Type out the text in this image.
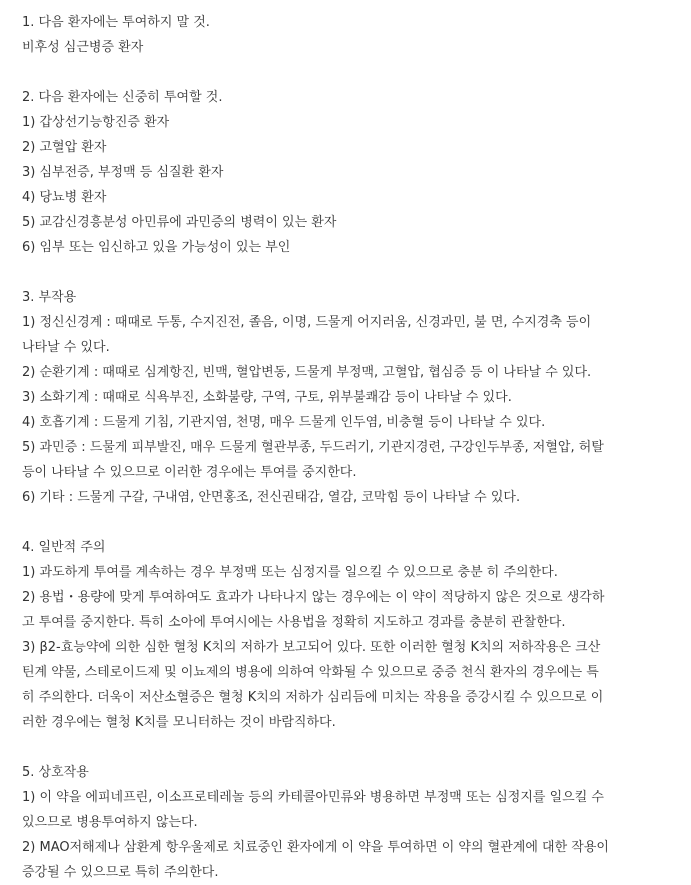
1. 다음 환자에는 투여하지 말 것.
비후성 심근병증 환자
2. 다음 환자에는 신중히 투여할 것.
1) 갑상선기능항진증 환자
2) 고혈압 환자
3) 심부전증, 부정맥 등 심질환 환자
4) 당뇨병 환자
5) 교감신경흥분성 아민류에 과민증의 병력이 있는 환자
6) 임부 또는 임신하고 있을 가능성이 있는 부인
3. 부작용
1) 정신신경계 : 때때로 두통, 수지진전, 졸음, 이명, 드물게 어지러움, 신경과민, 불 면, 수지경축 등이
나타날 수 있다.
2) 순환기계 : 때때로 심계항진, 빈맥, 혈압변동, 드물게 부정맥, 고혈압, 협심증 등 이 나타날 수 있다.
3) 소화기계 : 때때로 식욕부진, 소화불량, 구역, 구토, 위부불쾌감 등이 나타날 수 있다.
4) 호흡기계 : 드물게 기침, 기관지염, 천명, 매우 드물게 인두염, 비충혈 등이 나타날 수 있다.
5) 과민증 : 드물게 피부발진, 매우 드물게 혈관부종, 두드러기, 기관지경련, 구강인두부종, 저혈압, 허탈
등이 나타날 수 있으므로 이러한 경우에는 투여를 중지한다.
6) 기타 : 드물게 구갈, 구내염, 안면홍조, 전신권태감, 열감, 코막힘 등이 나타날 수 있다.
4. 일반적 주의
1) 과도하게 투여를 계속하는 경우 부정맥 또는 심정지를 일으킬 수 있으므로 충분 히 주의한다.
2) 용법・용량에 맞게 투여하여도 효과가 나타나지 않는 경우에는 이 약이 적당하지 않은 것으로 생각하
고 투여를 중지한다. 특히 소아에 투여시에는 사용법을 정확히 지도하고 경과를 충분히 관찰한다.
3) β2-효능약에 의한 심한 혈청 K치의 저하가 보고되어 있다. 또한 이러한 혈청 K치의 저하작용은 크산
틴계 약물, 스테로이드제 및 이뇨제의 병용에 의하여 악화될 수 있으므로 중증 천식 환자의 경우에는 특
히 주의한다. 더욱이 저산소혈증은 혈청 K치의 저하가 심리듬에 미치는 작용을 증강시킬 수 있으므로 이
러한 경우에는 혈청 K치를 모니터하는 것이 바람직하다.
5. 상호작용
1) 이 약을 에피네프린, 이소프로테레놀 등의 카테콜아민류와 병용하면 부정맥 또는 심정지를 일으킬 수
있으므로 병용투여하지 않는다.
2) MAO저해제나 삼환계 항우울제로 치료중인 환자에게 이 약을 투여하면 이 약의 혈관계에 대한 작용이
증강될 수 있으므로 특히 주의한다.
